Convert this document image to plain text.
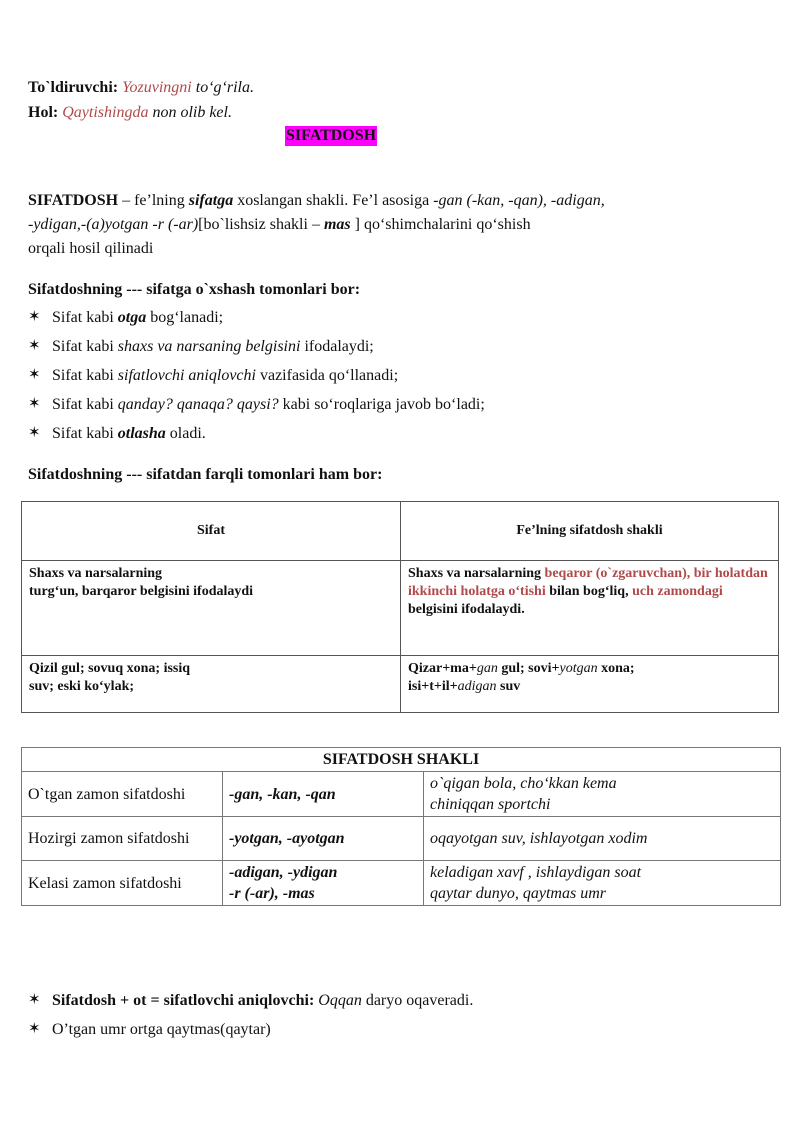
To`ldiruvchi: Yozuvingni to‘g‘rila.
Hol: Qaytishingda non olib kel.
SIFATDOSH
SIFATDOSH – fe’lning sifatga xoslangan shakli. Fe’l asosiga -gan (-kan, -qan), -adigan,
-ydigan,-(a)yotgan -r (-ar)[bo`lishsiz shakli – mas ] qo‘shimchalarini qo‘shish
orqali hosil qilinadi
Sifatdoshning --- sifatga o`xshash tomonlari bor:
✶ Sifat kabi otga bog‘lanadi;
✶ Sifat kabi shaxs va narsaning belgisini ifodalaydi;
✶ Sifat kabi sifatlovchi aniqlovchi vazifasida qo‘llanadi;
✶ Sifat kabi qanday? qanaqa? qaysi? kabi so‘roqlariga javob bo‘ladi;
✶ Sifat kabi otlasha oladi.
Sifatdoshning --- sifatdan farqli tomonlari ham bor:
Sifat	Fe’lning sifatdosh shakli
Shaxs va narsalarning
turg‘un, barqaror belgisini ifodalaydi	Shaxs va narsalarning beqaror (o`zgaruvchan), bir holatdan ikkinchi holatga o‘tishi bilan bog‘liq, uch zamondagi belgisini ifodalaydi.
Qizil gul; sovuq xona; issiq
suv; eski ko‘ylak;	Qizar+ma+gan gul; sovi+yotgan xona;
isi+t+il+adigan suv
SIFATDOSH SHAKLI		
O`tgan zamon sifatdoshi	-gan, -kan, -qan	o`qigan bola, cho‘kkan kema
chiniqqan sportchi
Hozirgi zamon sifatdoshi	-yotgan, -ayotgan	oqayotgan suv, ishlayotgan xodim
Kelasi zamon sifatdoshi	-adigan, -ydigan
-r (-ar), -mas	keladigan xavf , ishlaydigan soat
qaytar dunyo, qaytmas umr
✶ Sifatdosh + ot = sifatlovchi aniqlovchi: Oqqan daryo oqaveradi.
✶ O’tgan umr ortga qaytmas(qaytar)
